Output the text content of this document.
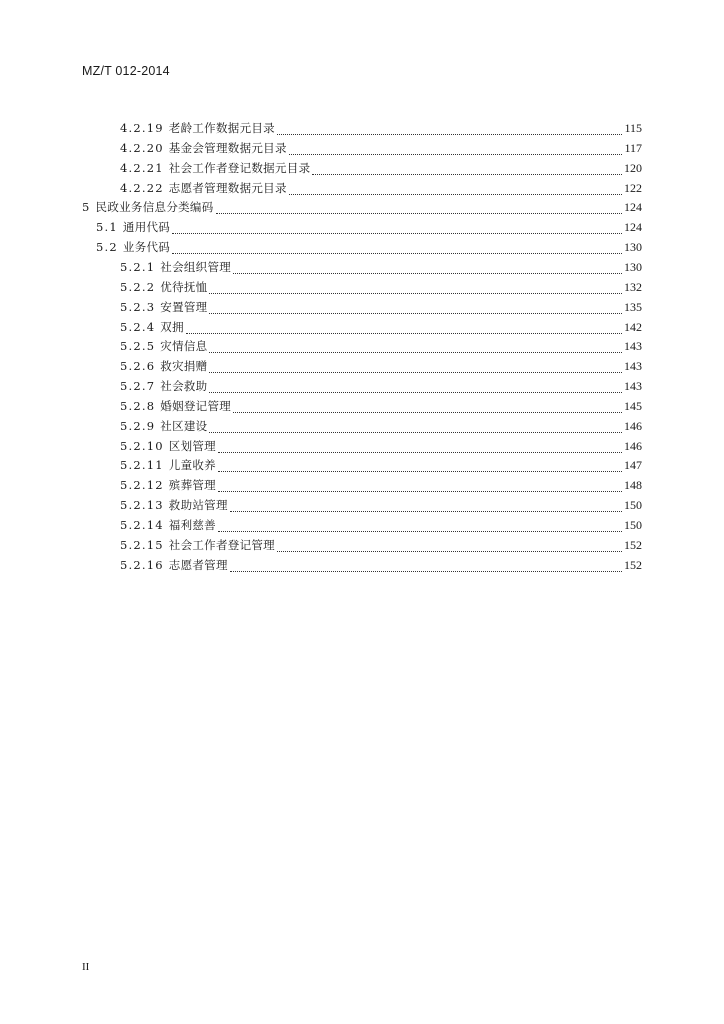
MZ/T 012-2014
4.2.19 老龄工作数据元目录	115
4.2.20 基金会管理数据元目录	117
4.2.21 社会工作者登记数据元目录	120
4.2.22 志愿者管理数据元目录	122
5 民政业务信息分类编码	124
5.1 通用代码	124
5.2 业务代码	130
5.2.1 社会组织管理	130
5.2.2 优待抚恤	132
5.2.3 安置管理	135
5.2.4 双拥	142
5.2.5 灾情信息	143
5.2.6 救灾捐赠	143
5.2.7 社会救助	143
5.2.8 婚姻登记管理	145
5.2.9 社区建设	146
5.2.10 区划管理	146
5.2.11 儿童收养	147
5.2.12 殡葬管理	148
5.2.13 救助站管理	150
5.2.14 福利慈善	150
5.2.15 社会工作者登记管理	152
5.2.16 志愿者管理	152
II
